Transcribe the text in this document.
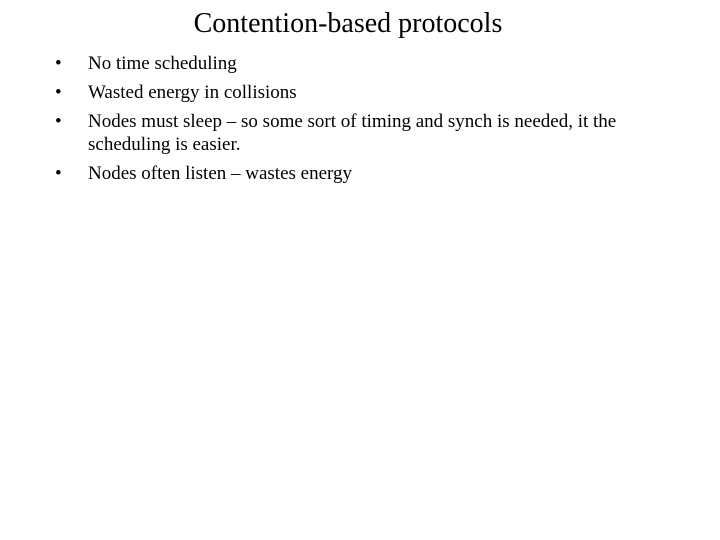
Contention-based protocols
•	No time scheduling
•	Wasted energy in collisions
•	Nodes must sleep – so some sort of timing and synch is needed, it the scheduling is easier.
•	Nodes often listen – wastes energy
